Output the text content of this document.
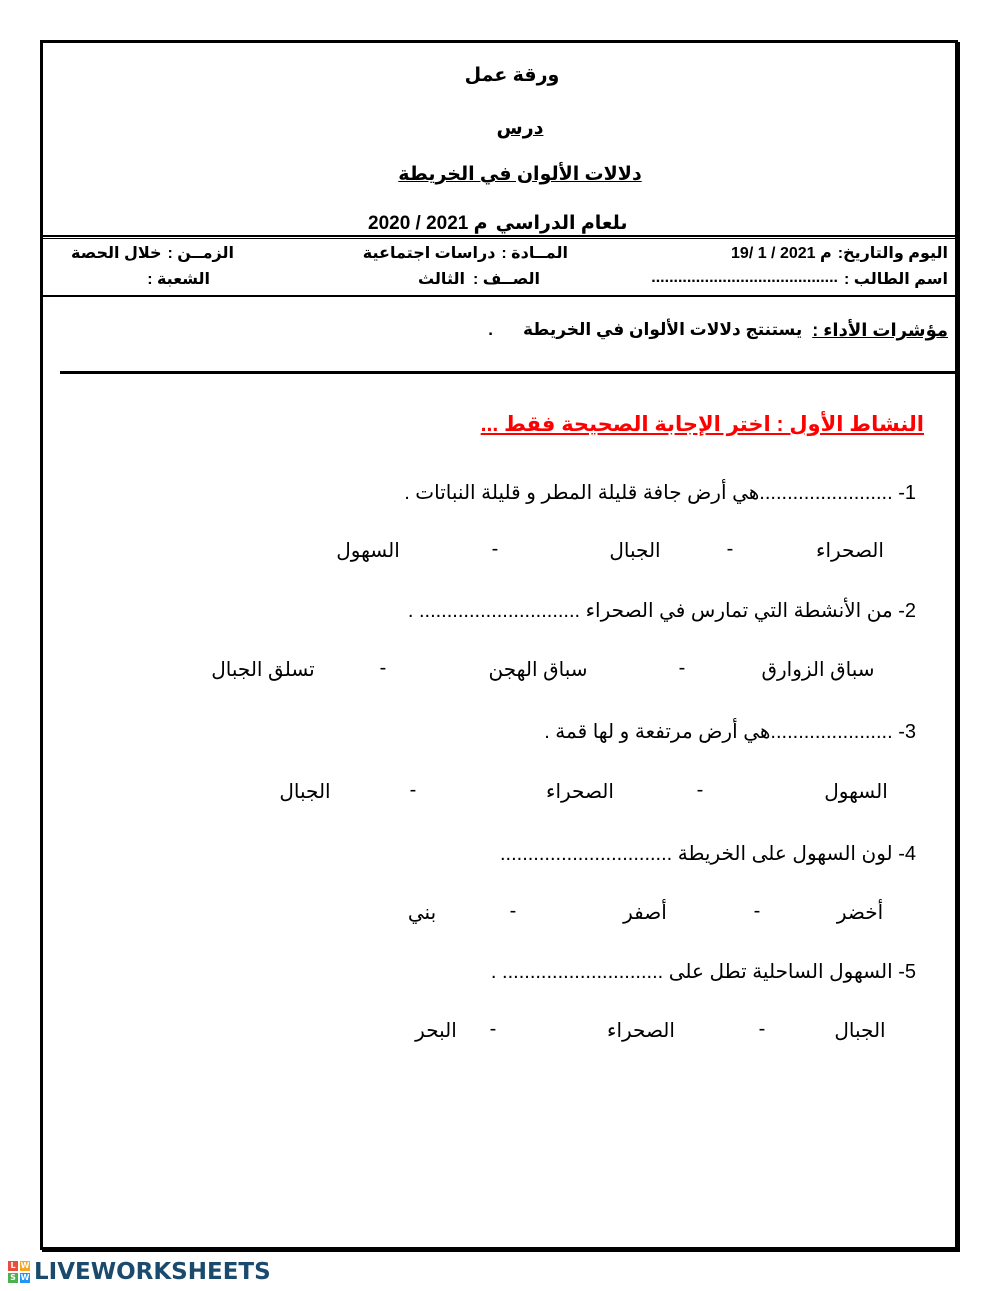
ورقة عمل
درس
دلالات الألوان في الخريطة
ىلعام الدراسي
2020 / 2021 م
اليوم والتاريخ:
19/ 1 / 2021 م
المــادة :
دراسات اجتماعية
الزمــن :
خلال الحصة
اسم الطالب :
..........................................
الصــف :
الثالث
الشعبة :
مؤشرات الأداء :
يستنتج دلالات الألوان في الخريطة
.
النشاط الأول : اختر الإجابة الصحيحة فقط ...
1- ........................هي أرض جافة قليلة المطر و قليلة النباتات .
الصحراء
-
الجبال
-
السهول
2- من الأنشطة التي تمارس في الصحراء ............................. .
سباق الزوارق
-
سباق الهجن
-
تسلق الجبال
3- ......................هي أرض مرتفعة و لها قمة .
السهول
-
الصحراء
-
الجبال
4- لون السهول على الخريطة ...............................
أخضر
-
أصفر
-
بني
5- السهول الساحلية تطل على ............................. .
الجبال
-
الصحراء
-
البحر
L W
S W LIVEWORKSHEETS
